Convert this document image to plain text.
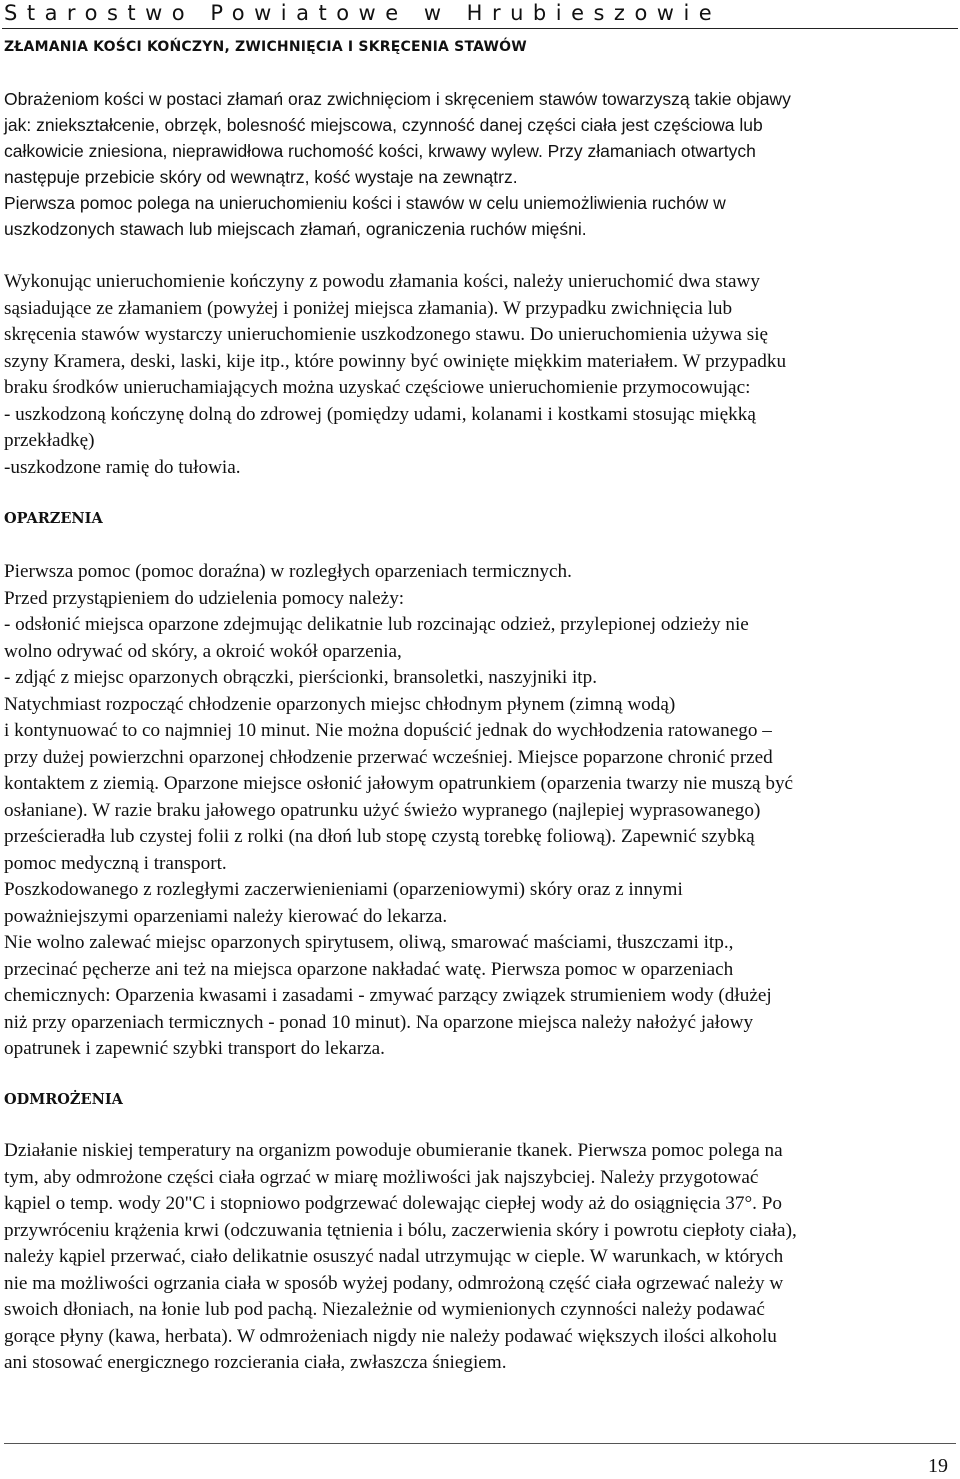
Starostwo Powiatowe w Hrubieszowie
ZŁAMANIA KOŚCI KOŃCZYN, ZWICHNIĘCIA I SKRĘCENIA STAWÓW
Obrażeniom kości w postaci złamań oraz zwichnięciom i skręceniem stawów towarzyszą takie objawy
jak: zniekształcenie, obrzęk, bolesność miejscowa, czynność danej części ciała jest częściowa lub
całkowicie zniesiona, nieprawidłowa ruchomość kości, krwawy wylew. Przy złamaniach otwartych
następuje przebicie skóry od wewnątrz, kość wystaje na zewnątrz.
Pierwsza pomoc polega na unieruchomieniu kości i stawów w celu uniemożliwienia ruchów w
uszkodzonych stawach lub miejscach złamań, ograniczenia ruchów mięśni.
Wykonując unieruchomienie kończyny z powodu złamania kości, należy unieruchomić dwa stawy
sąsiadujące ze złamaniem (powyżej i poniżej miejsca złamania). W przypadku zwichnięcia lub
skręcenia stawów wystarczy unieruchomienie uszkodzonego stawu. Do unieruchomienia używa się
szyny Kramera, deski, laski, kije itp., które powinny być owinięte miękkim materiałem. W przypadku
braku środków unieruchamiających można uzyskać częściowe unieruchomienie przymocowując:
- uszkodzoną kończynę dolną do zdrowej (pomiędzy udami, kolanami i kostkami stosując miękką
przekładkę)
-uszkodzone ramię do tułowia.
OPARZENIA
Pierwsza pomoc (pomoc doraźna) w rozległych oparzeniach termicznych.
Przed przystąpieniem do udzielenia pomocy należy:
- odsłonić miejsca oparzone zdejmując delikatnie lub rozcinając odzież, przylepionej odzieży nie
wolno odrywać od skóry, a okroić wokół oparzenia,
- zdjąć z miejsc oparzonych obrączki, pierścionki, bransoletki, naszyjniki itp.
Natychmiast rozpocząć chłodzenie oparzonych miejsc chłodnym płynem (zimną wodą)
i kontynuować to co najmniej 10 minut. Nie można dopuścić jednak do wychłodzenia ratowanego –
przy dużej powierzchni oparzonej chłodzenie przerwać wcześniej. Miejsce poparzone chronić przed
kontaktem z ziemią. Oparzone miejsce osłonić jałowym opatrunkiem (oparzenia twarzy nie muszą być
osłaniane). W razie braku jałowego opatrunku użyć świeżo wypranego (najlepiej wyprasowanego)
prześcieradła lub czystej folii z rolki (na dłoń lub stopę czystą torebkę foliową). Zapewnić szybką
pomoc medyczną i transport.
Poszkodowanego z rozległymi zaczerwienieniami (oparzeniowymi) skóry oraz z innymi
poważniejszymi oparzeniami należy kierować do lekarza.
Nie wolno zalewać miejsc oparzonych spirytusem, oliwą, smarować maściami, tłuszczami itp.,
przecinać pęcherze ani też na miejsca oparzone nakładać watę. Pierwsza pomoc w oparzeniach
chemicznych: Oparzenia kwasami i zasadami - zmywać parzący związek strumieniem wody (dłużej
niż przy oparzeniach termicznych - ponad 10 minut). Na oparzone miejsca należy nałożyć jałowy
opatrunek i zapewnić szybki transport do lekarza.
ODMROŻENIA
Działanie niskiej temperatury na organizm powoduje obumieranie tkanek. Pierwsza pomoc polega na
tym, aby odmrożone części ciała ogrzać w miarę możliwości jak najszybciej. Należy przygotować
kąpiel o temp. wody 20"C i stopniowo podgrzewać dolewając ciepłej wody aż do osiągnięcia 37°. Po
przywróceniu krążenia krwi (odczuwania tętnienia i bólu, zaczerwienia skóry i powrotu ciepłoty ciała),
należy kąpiel przerwać, ciało delikatnie osuszyć nadal utrzymując w cieple. W warunkach, w których
nie ma możliwości ogrzania ciała w sposób wyżej podany, odmrożoną część ciała ogrzewać należy w
swoich dłoniach, na łonie lub pod pachą. Niezależnie od wymienionych czynności należy podawać
gorące płyny (kawa, herbata). W odmrożeniach nigdy nie należy podawać większych ilości alkoholu
ani stosować energicznego rozcierania ciała, zwłaszcza śniegiem.
19
